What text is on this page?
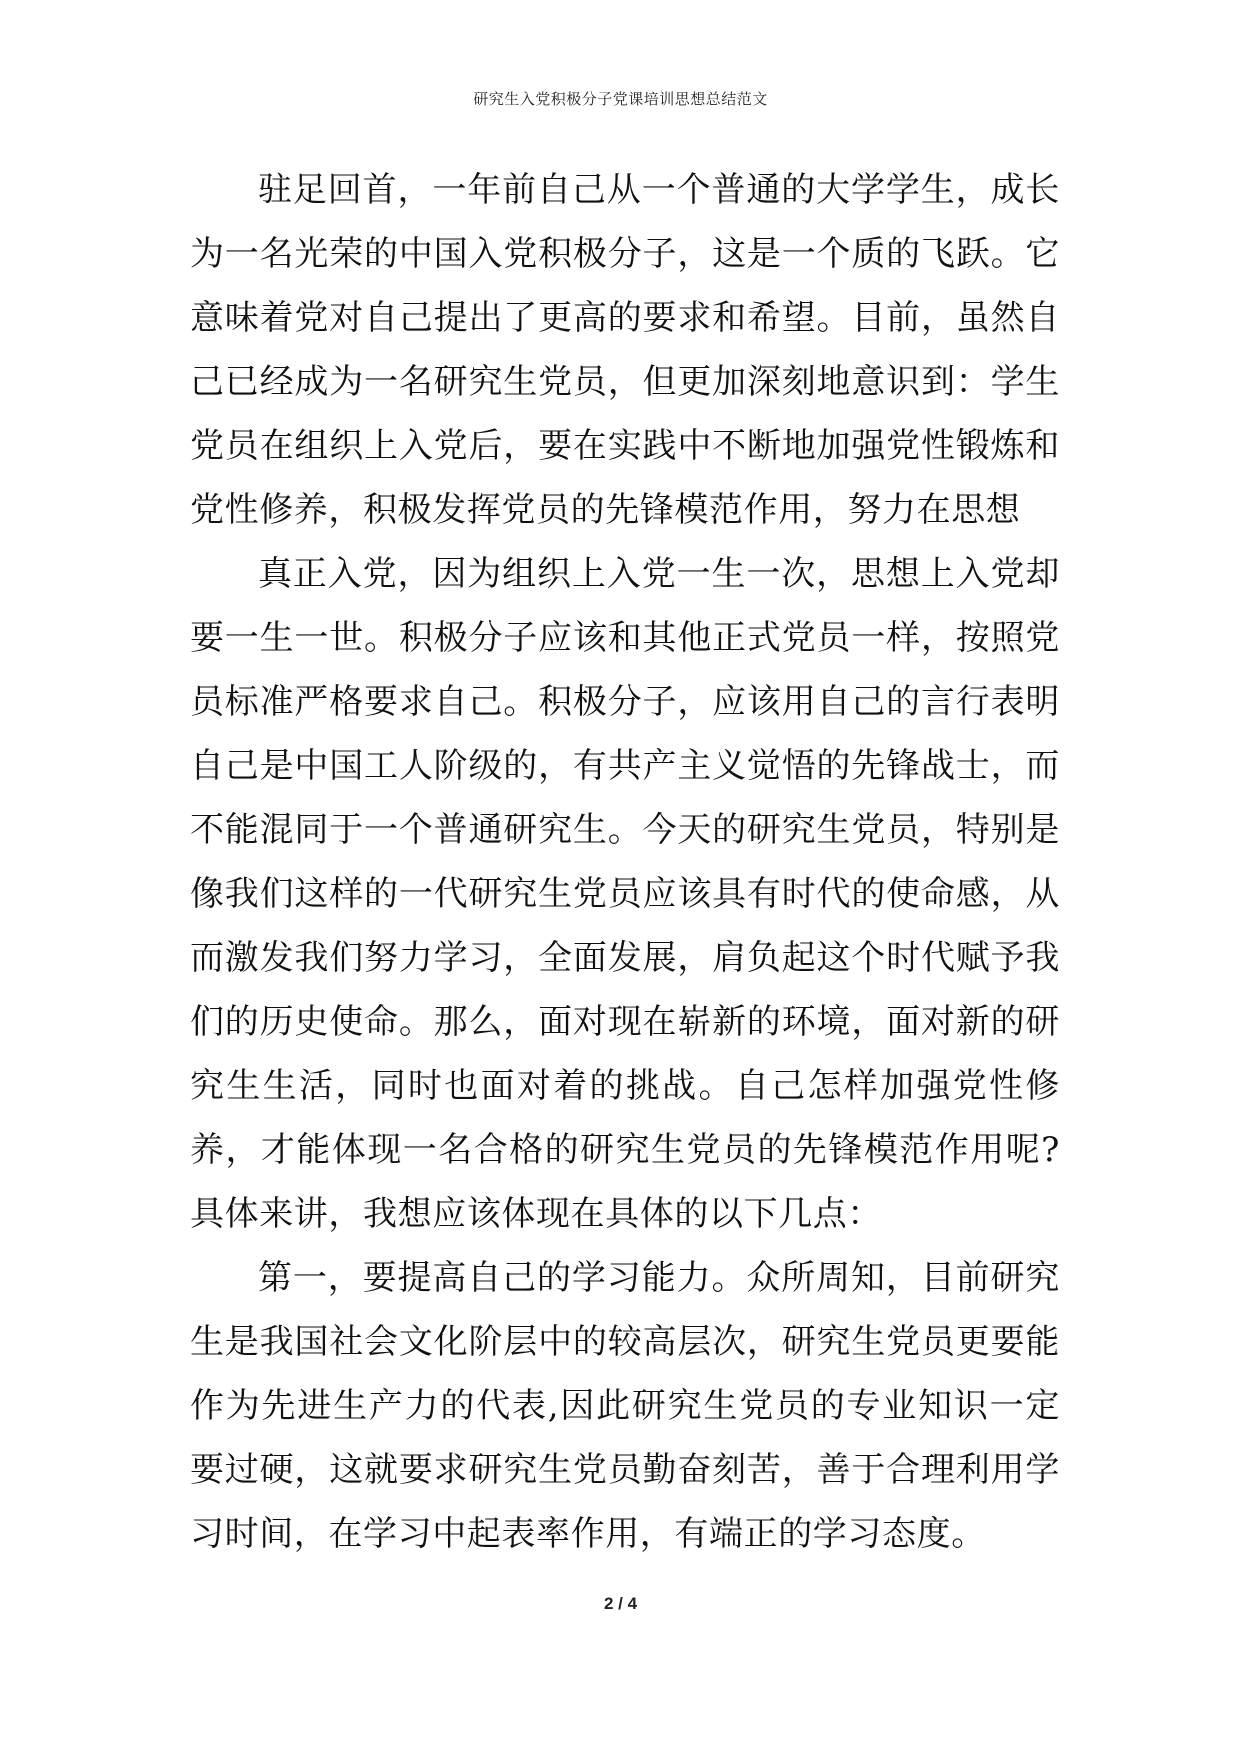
研究生入党积极分子党课培训思想总结范文

驻足回首，一年前自己从一个普通的大学学生，成长为一名光荣的中国入党积极分子，这是一个质的飞跃。它意味着党对自己提出了更高的要求和希望。目前，虽然自己已经成为一名研究生党员，但更加深刻地意识到：学生党员在组织上入党后，要在实践中不断地加强党性锻炼和党性修养，积极发挥党员的先锋模范作用，努力在思想

真正入党，因为组织上入党一生一次，思想上入党却要一生一世。积极分子应该和其他正式党员一样，按照党员标准严格要求自己。积极分子，应该用自己的言行表明自己是中国工人阶级的，有共产主义觉悟的先锋战士，而不能混同于一个普通研究生。今天的研究生党员，特别是像我们这样的一代研究生党员应该具有时代的使命感，从而激发我们努力学习，全面发展，肩负起这个时代赋予我们的历史使命。那么，面对现在崭新的环境，面对新的研究生生活，同时也面对着的挑战。自己怎样加强党性修养，才能体现一名合格的研究生党员的先锋模范作用呢?具体来讲，我想应该体现在具体的以下几点：

第一，要提高自己的学习能力。众所周知，目前研究生是我国社会文化阶层中的较高层次，研究生党员更要能作为先进生产力的代表,因此研究生党员的专业知识一定要过硬，这就要求研究生党员勤奋刻苦，善于合理利用学习时间，在学习中起表率作用，有端正的学习态度。

2 / 4
